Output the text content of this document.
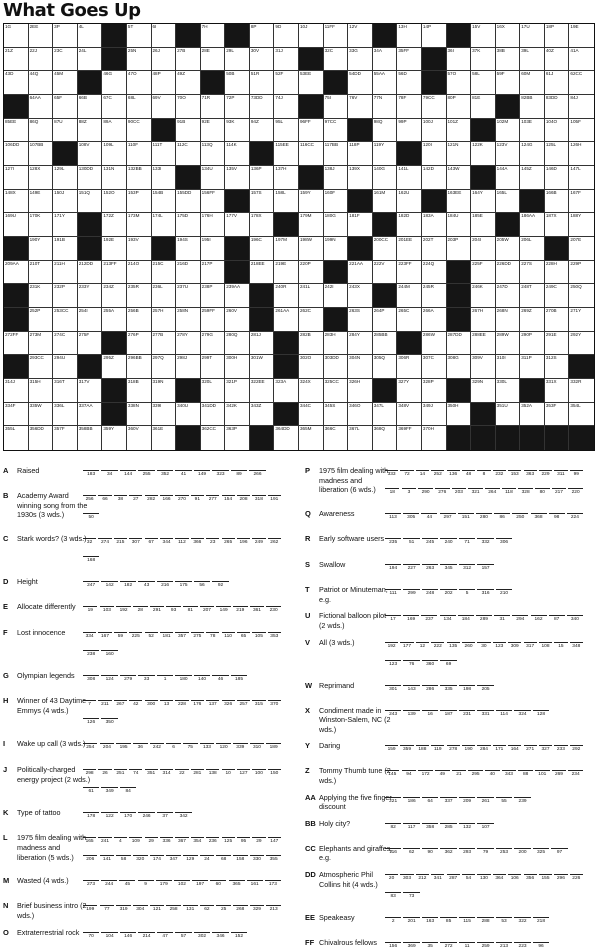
What Goes Up
1G	2EE	3P	4L	5T	6I	7H	8P	9D	10J	11FF	12V	13H	14P	15V	16X	17U	18P	19E
21Z	22J	23C	24L	25N	26J	27B	28E	29L	30V	31J	32C	33G	34A	35FF	36I	37K	38B	39L	40Z	41A
43D	44Q	45M	46G	47O	48P	49Z	50B	51R	52F	53EE	54DD	55AA	56D	57O	58L	59F	60M	61J	62CC
64AA	65F	66B	67C	68L	69V	70O	71R	72P	73DD	74J	75I	76V	77N	78F	79CC	80P	81E	82BB	83DD	84J
85EE	86Q	87U	88Z	89A	90CC	91B	92E	93K	94Z	95L	96FF	97CC	98Q	99P	100J	101Z	102M	103E	104O	105F
106DD 107BB	108V	109L	110F	111T	112C	113Q	114K	115EE 116CC 117BB 118P	119Y	120I	121N	122K	123V	124G	125L	126H
127I	128X	129L	130DD 131N	132BB 133I	134U	135V	136P	137H	138J	139X	140G	141L	142D	143W	144A	145Z	146D	147L
148X	149E	150J	151Q	152O	153P	154B	155DD 156FF	157S	158L	159Y	160F	161M	162U	163EE 164Y	165L	166B	167F
169U	170K	171Y	172Z	173M	174L	175D	176H	177V	178X	179M	180G	181F	182D	183A	184U	185E	186AA 187X	188Y
190Y	191B	192E	193V	194S	195I	196C	197M	198W	199N	200CC 201EE 202T	203P	204I	205W	206L	207E
209AA 210T	211H	212DD 213FF 214O	215C	216D	217P	218EE 219E	220P	221AA 222V	223FF 224Q	225F	226DD 227S	228H	229P
231K	232P	233Y	234Z	235R	236L	237U	238P	239AA	240R	241L	242I	243X	244M	245R	246K	247D	248T	249C	250Q
252P	253CC 254I	255A	256B	257H	258N	259FF 260V	261AA 262C	263S	264P	265C	266A	267H	268N	269Z	270B	271Y
272FF 273M	274C	275F	276P	277B	278Y	279G	280Q	281J	282B	283H	284Y	285BB	286W	287DD 288EE 289W	290P	291E	292Y
293CC 294U	295Z	296BB 297Q	298J	299T	300H	301W	302O	303DD 304N	305Q	306R	307C	308G	309V	310I	311P	312S
314J	315H	316T	317V	318B	319N	320L	321P	322EE 323A	324X	325CC 326H	327Y	328P	329N	330L	331X	332R
334F	335W	336L	337AA	338N	339I	340U	341DD 342K	343Z	344C	345S	346O	347L	348V	349J	350H	351U	352A	353F	354L
355L	356DD 357F	358BB 359Y	360V	361E	362CC 363P	364DD 365M	366C	367L	368Q	369FF 370H
A Raised	183	34	144	255	352	41	149	323	89	266
B Academy Award winning song from the 1930s (3 wds.)
256	66	38	27	282	166	270	91	277	154	208	318	191
50
C Stark words? (3 wds.) 32	274	215	307	67	344	112	366	23	265	196	249	262
168
D Height	247	142	182	43	216	175	56	92
E Allocate differently	19	103	192	28	291	93	81	207	149	219	361	230
F Lost innocence	334	167	59	225	52	181	357	275	78	110	65	105	353
238	160
G Olympian legends	308	124	279	33	1	180	140	46	185
H Winner of 43 Daytime Emmys (4 wds.)
7	211	267	42	300	13	228	176	137	326	257	315	370
126	350
I Wake up call (3 wds.) 254	204	195	36	242	6	75	133	120	339	310	189
J Politically-charged energy project (2 wds.)
298	26	251	74	351	314	22	281	138	10	127	100	150
61	349	84
K Type of tattoo	178	122	170	246	37	342
L 1975 film dealing with madness and liberation (5 wds.)
165	241	4	109	29	336	367	354	236	125	95	29	147
206	141	58	320	174	347	129	24	68	158	330	355
M Wasted (4 wds.)	273	244	45	9	179	102	197	60	365	161	173
N Brief business intro (2 wds.)
199	77	319	304	121	258	131	62	25	268	329	213
O Extraterrestrial rock	70	104	146	214	47	57	302	346	152
P 1975 film dealing with madness and liberation (6 wds.)
333	72	14	252	136	48	8	232	153	363	229	311	99
18	3	290	276	203	321	264	118	328	80	217	220
Q Awareness	113	305	44	297	151	280	86	250	368	98	224
R Early software users	235	51	245	240	71	332	306
S Swallow	194	227	263	345	312	157
T Patriot or Minuteman, e.g.
111	299	248	202	5	316	210
U Fictional balloon pilot (2 wds.)
17	169	237	134	184	289	31	294	162	87	340
V All (3 wds.)	192	177	12	222	135	260	30	123	309	317	108	15	348
123	76	360	69
W Reprimand	301	143	286	335	198	205
X Condiment made in Winston-Salem, NC (2 wds.)
243	139	16	187	231	331	114	324	128
Y Daring	159	359	188	119	278	190	284	171	164	271	327	233	292
Z Tommy Thumb tune (2 wds.)
145	94	172	49	21	295	40	343	88	101	269	234
AA Applying the five finger discount
221	186	64	337	209	261	55	239
BB Holy city?	82	117	358	285	132	107
CC Elephants and giraffes, e.g.
116	62	90	362	293	79	253	200	325	97
DD Atmospheric Phil Collins hit (4 wds.)
20	303	212	341	287	54	130	364	106	356	155	296	226
83	73
EE Speakeasy	2	201	163	85	115	288	53	322	218
FF Chivalrous fellows	156	369	35	272	11	259	213	223	96
